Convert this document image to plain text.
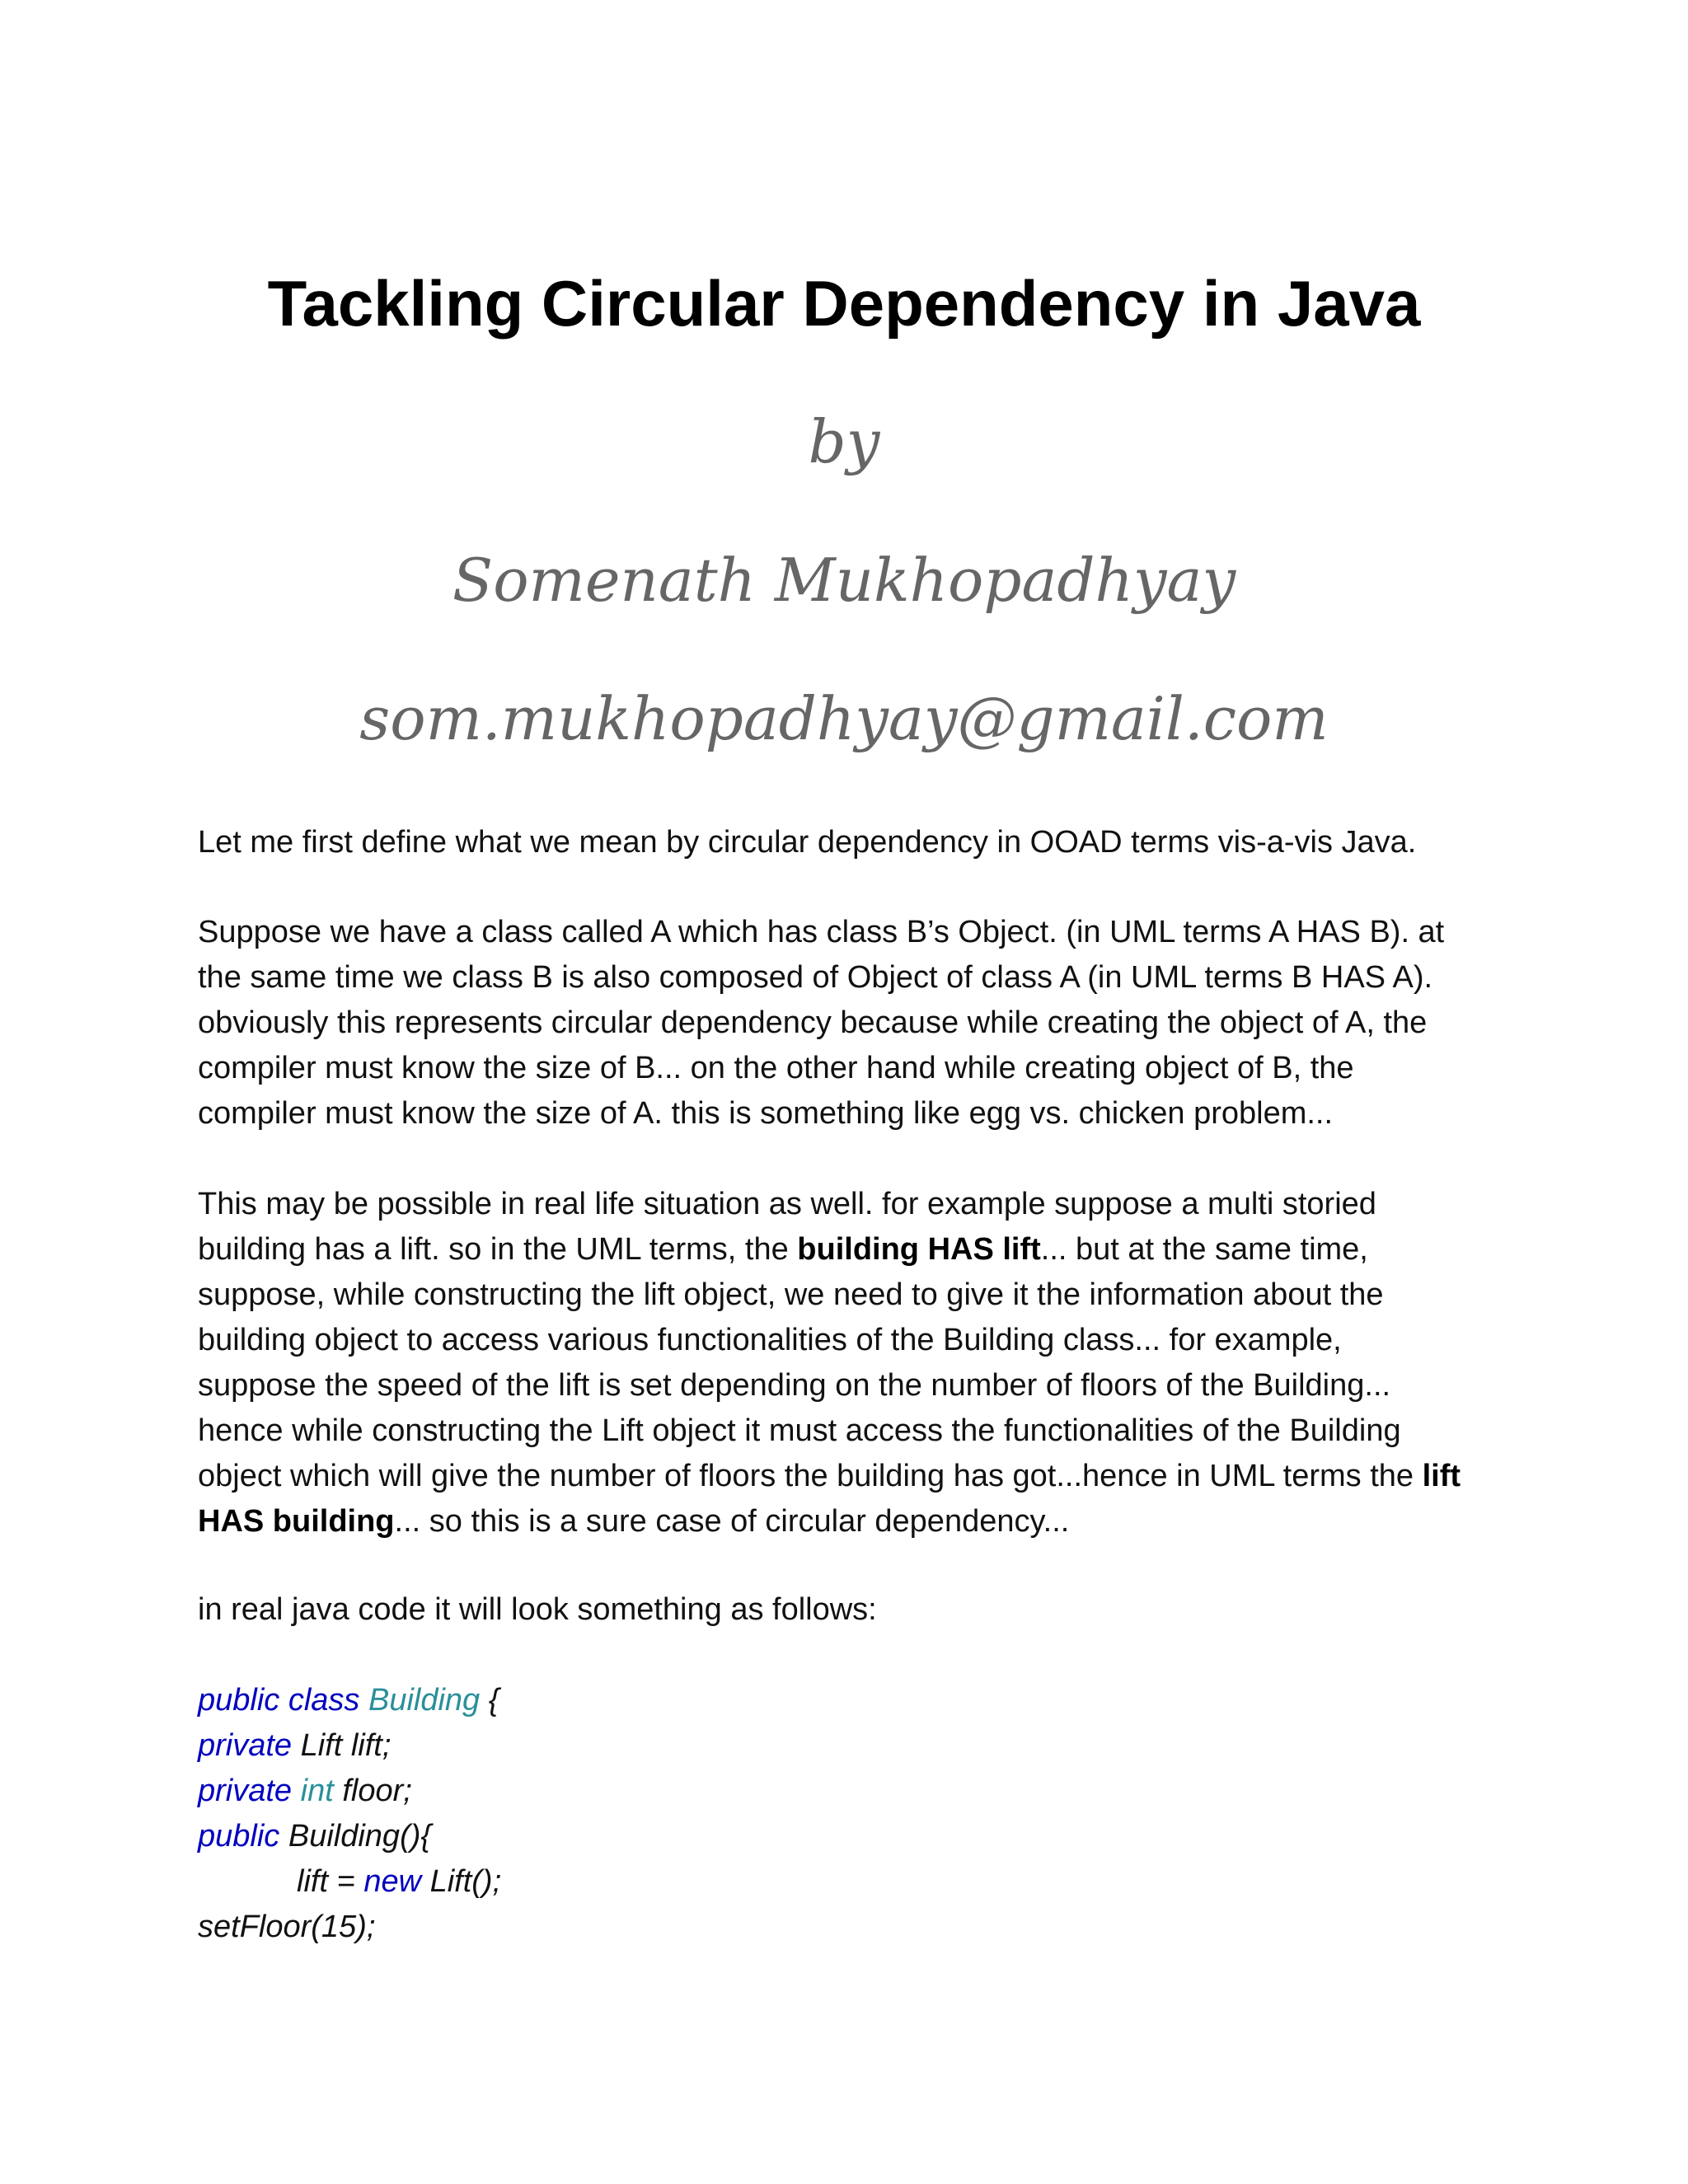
Tackling Circular Dependency in Java

by

Somenath Mukhopadhyay

som.mukhopadhyay@gmail.com

Let me first define what we mean by circular dependency in OOAD terms vis-a-vis Java.
Suppose we have a class called A which has class B’s Object. (in UML terms A HAS B). at
the same time we class B is also composed of Object of class A (in UML terms B HAS A).
obviously this represents circular dependency because while creating the object of A, the
compiler must know the size of B... on the other hand while creating object of B, the
compiler must know the size of A. this is something like egg vs. chicken problem...
This may be possible in real life situation as well. for example suppose a multi storied
building has a lift. so in the UML terms, the building HAS lift... but at the same time,
suppose, while constructing the lift object, we need to give it the information about the
building object to access various functionalities of the Building class... for example,
suppose the speed of the lift is set depending on the number of floors of the Building...
hence while constructing the Lift object it must access the functionalities of the Building
object which will give the number of floors the building has got...hence in UML terms the lift
HAS building... so this is a sure case of circular dependency...
in real java code it will look something as follows:
public class Building {
private Lift lift;
private int floor;
public Building(){
lift = new Lift();
setFloor(15);
